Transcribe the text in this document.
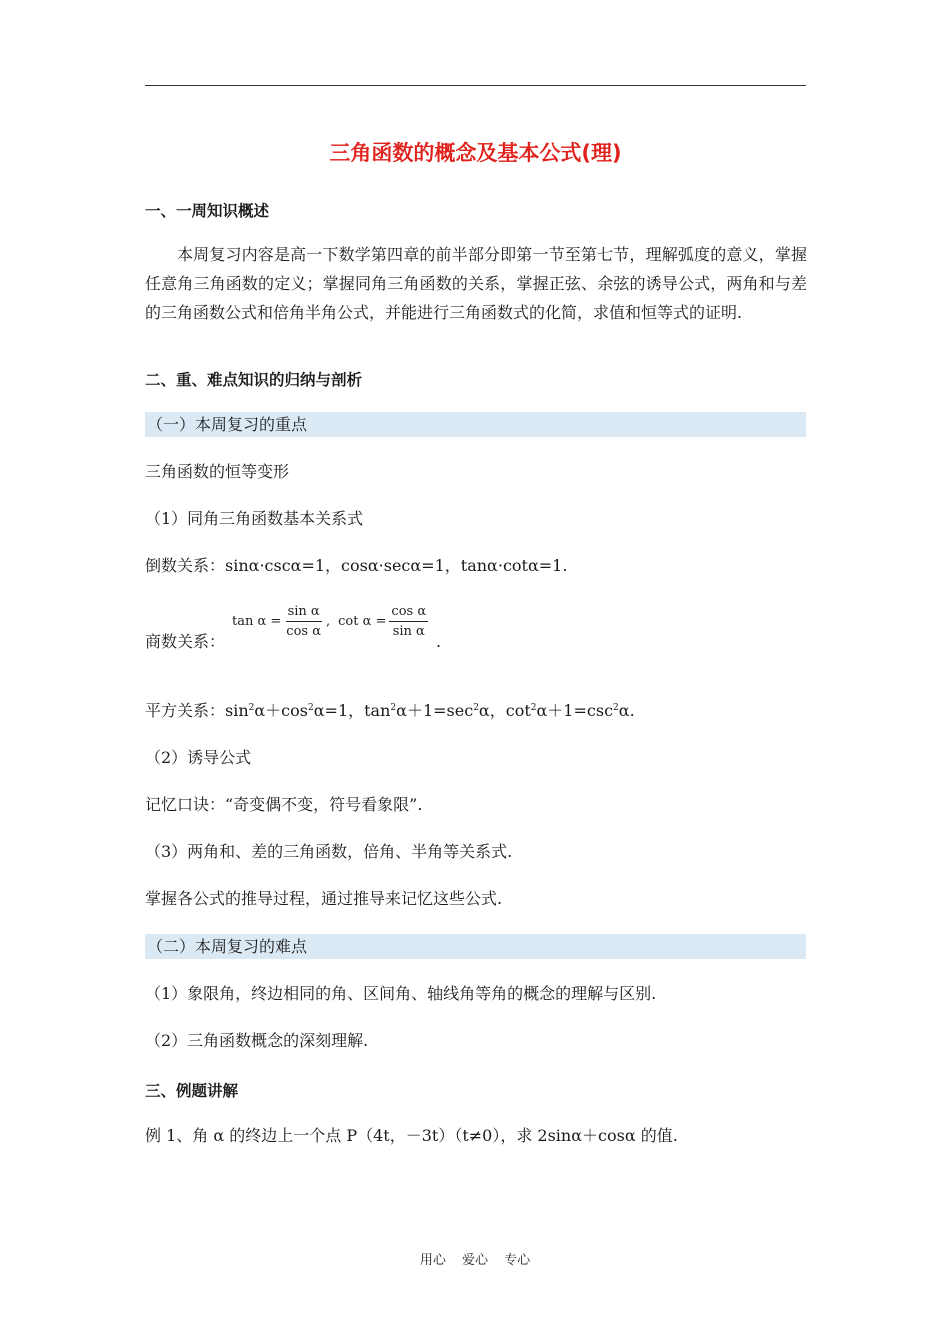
三角函数的概念及基本公式(理)
一、一周知识概述
本周复习内容是高一下数学第四章的前半部分即第一节至第七节，理解弧度的意义，掌握任意角三角函数的定义；掌握同角三角函数的关系，掌握正弦、余弦的诱导公式，两角和与差的三角函数公式和倍角半角公式，并能进行三角函数式的化简，求值和恒等式的证明.
二、重、难点知识的归纳与剖析
（一）本周复习的重点
三角函数的恒等变形
（1）同角三角函数基本关系式
倒数关系：sinα·cscα=1，cosα·secα=1，tanα·cotα=1.
商数关系：
$\tan \alpha = \frac{\text{sin α}}{\text{cos α}}$ , $\cot \alpha = \frac{\text{cos α}}{\text{sin α}}$
.
平方关系：$\sin^2\alpha+\cos^2\alpha=1$，$\tan^2\alpha+1=\sec^2\alpha$，$\cot^2\alpha+1=\csc^2\alpha$.
（2）诱导公式
记忆口诀：“奇变偶不变，符号看象限”.
（3）两角和、差的三角函数，倍角、半角等关系式.
掌握各公式的推导过程，通过推导来记忆这些公式.
（二）本周复习的难点
（1）象限角，终边相同的角、区间角、轴线角等角的概念的理解与区别.
（2）三角函数概念的深刻理解.
三、例题讲解
例 1、角 α 的终边上一个点 P（4t，－3t）（t≠0），求 2sinα＋cosα 的值.
用心 爱心 专心
